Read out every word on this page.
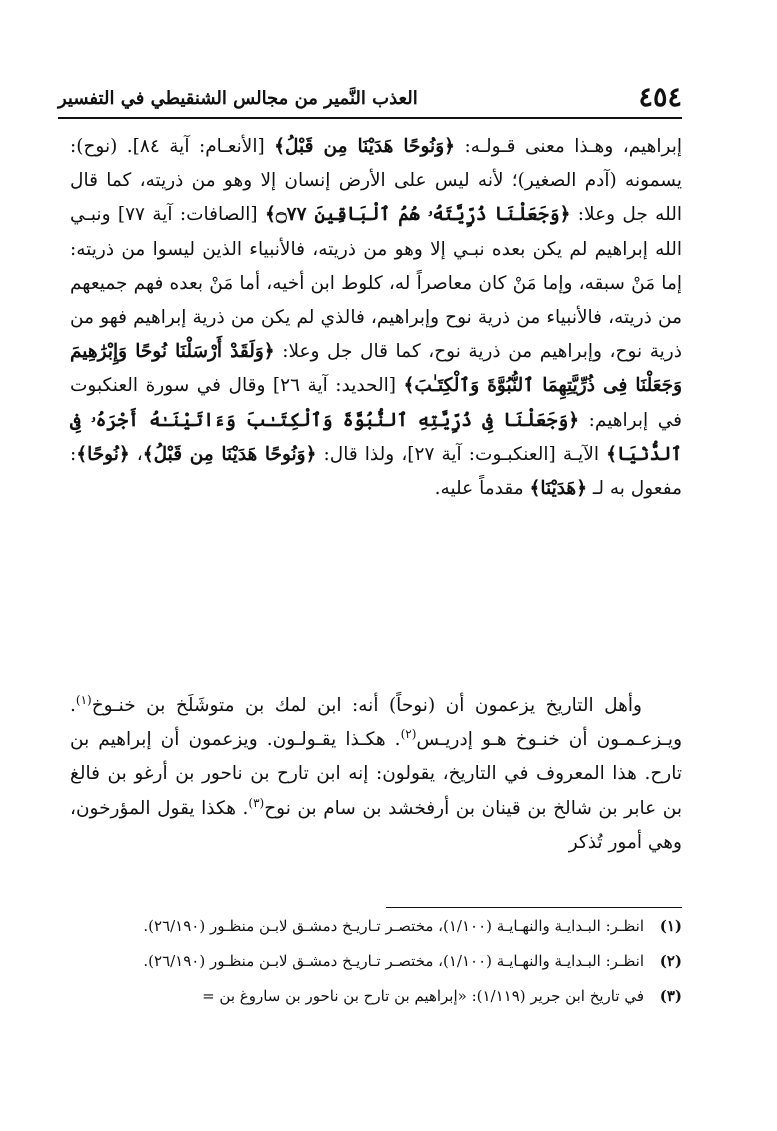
٤٥٤
العذب النَّمير من مجالس الشنقيطي في التفسير

إبراهيم، وهـذا معنى قـولـه: ﴿وَنُوحًا هَدَيْنَا مِن قَبْلُ﴾ [الأنعـام: آية ٨٤]. (نوح): يسمونه (آدم الصغير)؛ لأنه ليس على الأرض إنسان إلا وهو من ذريته، كما قال الله جل وعلا: ﴿وَجَعَلْنَا ذُرِّيَّتَهُۥ هُمُ ٱلْبَاقِينَ ۝٧٧﴾ [الصافات: آية ٧٧] ونبـي الله إبراهيم لم يكن بعده نبـي إلا وهو من ذريته، فالأنبياء الذين ليسوا من ذريته: إما مَنْ سبقه، وإما مَنْ كان معاصراً له، كلوط ابن أخيه، أما مَنْ بعده فهم جميعهم من ذريته، فالأنبياء من ذرية نوح وإبراهيم، فالذي لم يكن من ذرية إبراهيم فهو من ذرية نوح، وإبراهيم من ذرية نوح، كما قال جل وعلا: ﴿وَلَقَدْ أَرْسَلْنَا نُوحًا وَإِبْرَٰهِيمَ وَجَعَلْنَا فِى ذُرِّيَّتِهِمَا ٱلنُّبُوَّةَ وَٱلْكِتَـٰبَ﴾ [الحديد: آية ٢٦] وقال في سورة العنكبوت في إبراهيم: ﴿وَجَعَلْنَا فِى ذُرِّيَّتِهِ ٱلنُّبُوَّةَ وَٱلْكِتَـٰبَ وَءَاتَيْنَـٰهُ أَجْرَهُۥ فِى ٱلدُّنْيَا﴾ الآيـة [العنكبـوت: آية ٢٧]، ولذا قال: ﴿وَنُوحًا هَدَيْنَا مِن قَبْلُ﴾، ﴿نُوحًا﴾: مفعول به لـ ﴿هَدَيْنَا﴾ مقدماً عليه.

وأهل التاريخ يزعمون أن (نوحاً) أنه: ابن لمك بن متوشَلَخ بن خنـوخ$^{(١)}$. ويـزعـمـون أن خنـوخ هـو إدريـس$^{(٢)}$. هكـذا يقـولـون. ويزعمون أن إبراهيم بن تارح. هذا المعروف في التاريخ، يقولون: إنه ابن تارح بن ناحور بن أرغو بن فالغ بن عابر بن شالخ بن قينان بن أرفخشد بن سام بن نوح$^{(٣)}$. هكذا يقول المؤرخون، وهي أمور تُذكر

(١)
انظـر: البـدايـة والنهـايـة (١/١٠٠)، مختصـر تـاريـخ دمشـق لابـن منظـور (٢٦/١٩٠).
(٢)
انظـر: البـدايـة والنهـايـة (١/١٠٠)، مختصـر تـاريـخ دمشـق لابـن منظـور (٢٦/١٩٠).
(٣)
في تاريخ ابن جرير (١/١١٩): «إبراهيم بن تارح بن ناحور بن ساروغ بن =
